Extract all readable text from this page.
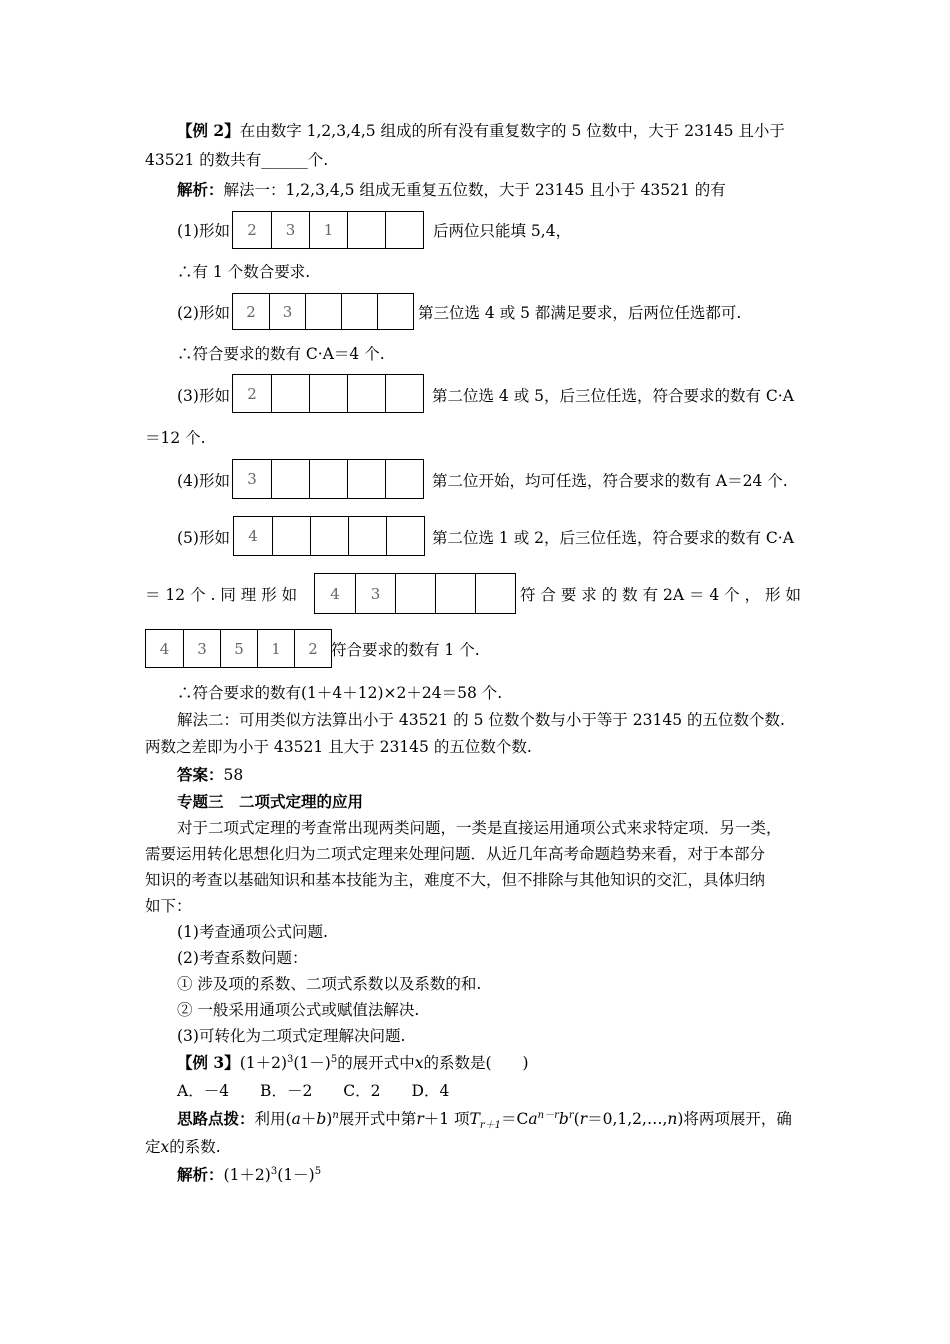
【例 2】在由数字 1,2,3,4,5 组成的所有没有重复数字的 5 位数中，大于 23145 且小于
43521 的数共有______个.
解析：解法一：1,2,3,4,5 组成无重复五位数，大于 23145 且小于 43521 的有
(1)形如	2	3	1	后两位只能填 5,4，
∴有 1 个数合要求.
(2)形如	2	3	第三位选 4 或 5 都满足要求，后两位任选都可.
∴符合要求的数有 C·A＝4 个.
(3)形如	2	第二位选 4 或 5，后三位任选，符合要求的数有 C·A
＝12 个.
(4)形如	3	第二位开始，均可任选，符合要求的数有 A＝24 个.
(5)形如	4	第二位选 1 或 2，后三位任选，符合要求的数有 C·A
＝ 12 个 . 同 理 形 如	4	3	符 合 要 求 的 数 有 2A ＝ 4 个 ， 形 如
4	3	5	1	2 符合要求的数有 1 个.
∴符合要求的数有(1＋4＋12)×2＋24＝58 个.
解法二：可用类似方法算出小于 43521 的 5 位数个数与小于等于 23145 的五位数个数.
两数之差即为小于 43521 且大于 23145 的五位数个数.
答案：58
专题三　二项式定理的应用
对于二项式定理的考查常出现两类问题，一类是直接运用通项公式来求特定项．另一类，
需要运用转化思想化归为二项式定理来处理问题．从近几年高考命题趋势来看，对于本部分
知识的考查以基础知识和基本技能为主，难度不大，但不排除与其他知识的交汇，具体归纳
如下：
(1)考查通项公式问题.
(2)考查系数问题：
① 涉及项的系数、二项式系数以及系数的和.
② 一般采用通项公式或赋值法解决.
(3)可转化为二项式定理解决问题.
【例 3】$(1+2)^3(1-)^5$的展开式中x的系数是(　　)
A．－4　　B．－2　　C．2　　D．4
思路点拨：利用$(a+b)^n$展开式中第r＋1 项$T_{r+1}=Ca^{n-r}b^r(r=0,1,2,\dots,n)$将两项展开，确
定x的系数.
解析：$(1+2)^3(1-)^5$
